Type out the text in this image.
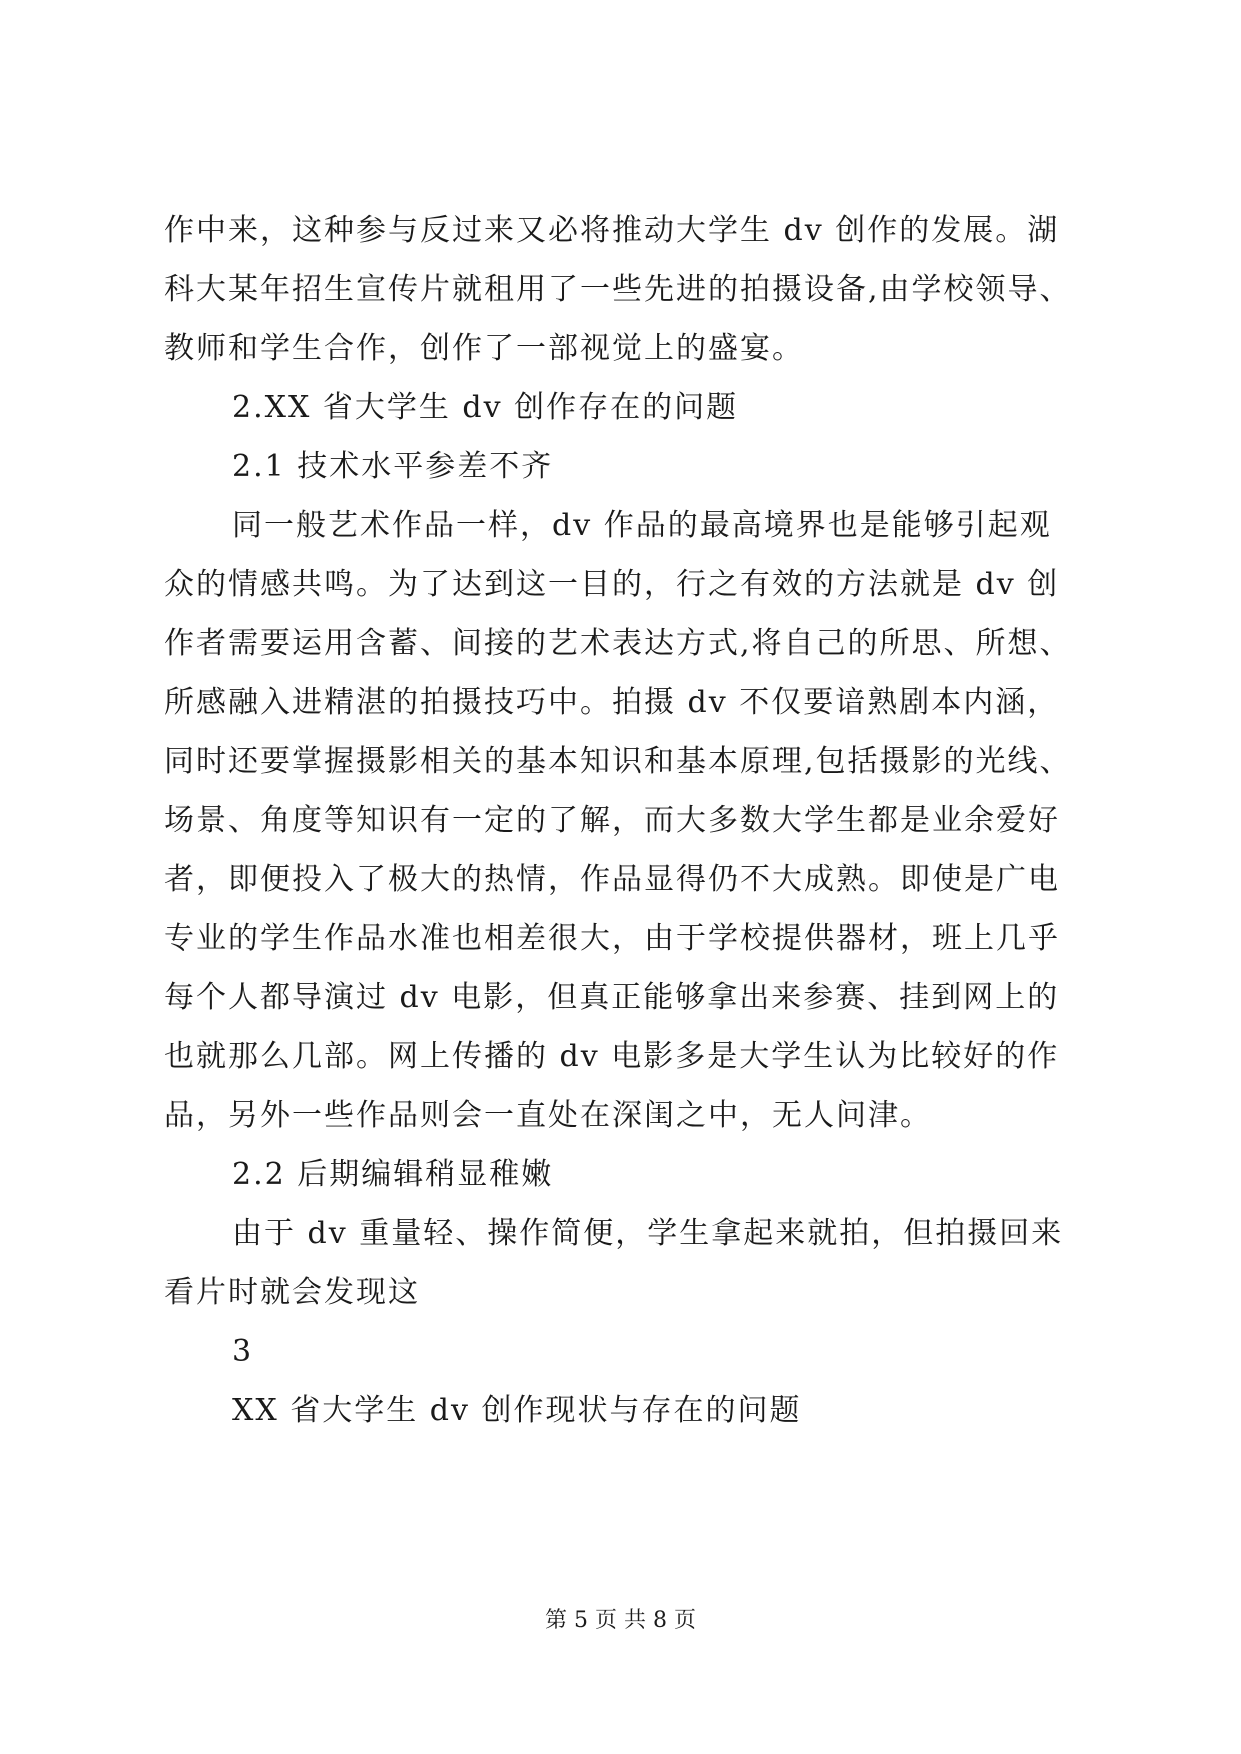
作中来，这种参与反过来又必将推动大学生 dv 创作的发展。湖
科大某年招生宣传片就租用了一些先进的拍摄设备,由学校领导、
教师和学生合作，创作了一部视觉上的盛宴。
2.XX 省大学生 dv 创作存在的问题
2.1 技术水平参差不齐
同一般艺术作品一样，dv 作品的最高境界也是能够引起观
众的情感共鸣。为了达到这一目的，行之有效的方法就是 dv 创
作者需要运用含蓄、间接的艺术表达方式,将自己的所思、所想、
所感融入进精湛的拍摄技巧中。拍摄 dv 不仅要谙熟剧本内涵，
同时还要掌握摄影相关的基本知识和基本原理,包括摄影的光线、
场景、角度等知识有一定的了解，而大多数大学生都是业余爱好
者，即便投入了极大的热情，作品显得仍不大成熟。即使是广电
专业的学生作品水准也相差很大，由于学校提供器材，班上几乎
每个人都导演过 dv 电影，但真正能够拿出来参赛、挂到网上的
也就那么几部。网上传播的 dv 电影多是大学生认为比较好的作
品，另外一些作品则会一直处在深闺之中，无人问津。
2.2 后期编辑稍显稚嫩
由于 dv 重量轻、操作简便，学生拿起来就拍，但拍摄回来
看片时就会发现这
3
XX 省大学生 dv 创作现状与存在的问题
第 5 页 共 8 页
